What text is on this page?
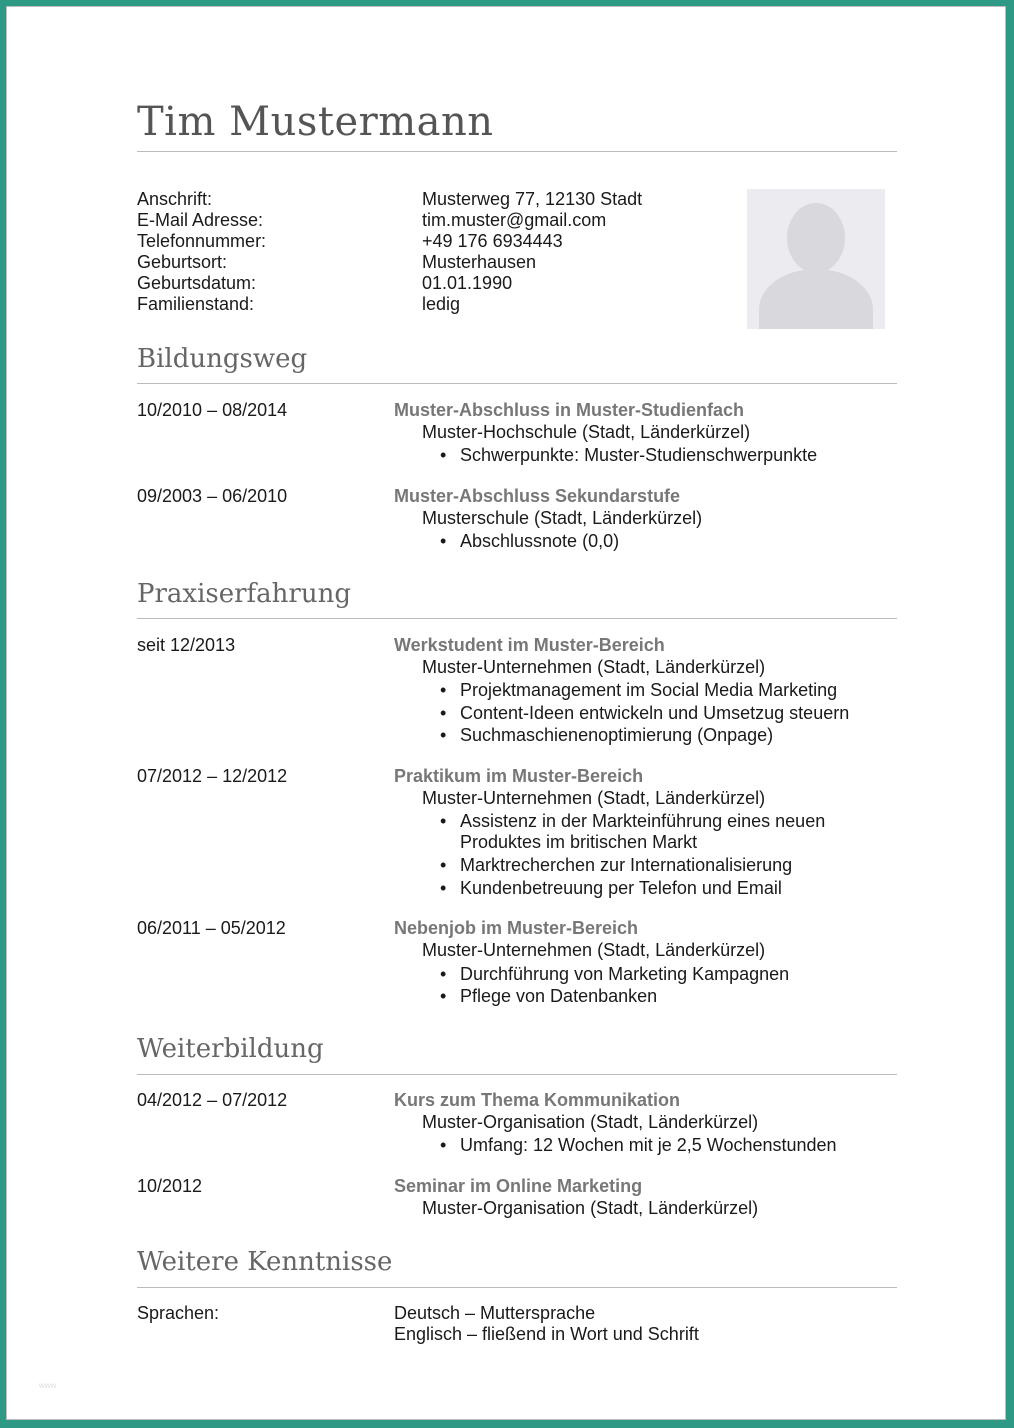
Tim Mustermann
Anschrift:	Musterweg 77, 12130 Stadt
E-Mail Adresse:	tim.muster@gmail.com
Telefonnummer:	+49 176 6934443
Geburtsort:	Musterhausen
Geburtsdatum:	01.01.1990
Familienstand:	ledig
Bildungsweg
10/2010 – 08/2014	Muster-Abschluss in Muster-Studienfach
Muster-Hochschule (Stadt, Länderkürzel)
Schwerpunkte: Muster-Studienschwerpunkte
09/2003 – 06/2010	Muster-Abschluss Sekundarstufe
Musterschule (Stadt, Länderkürzel)
Abschlussnote (0,0)
Praxiserfahrung
seit 12/2013	Werkstudent im Muster-Bereich
Muster-Unternehmen (Stadt, Länderkürzel)
Projektmanagement im Social Media Marketing
Content-Ideen entwickeln und Umsetzug steuern
Suchmaschienenoptimierung (Onpage)
07/2012 – 12/2012	Praktikum im Muster-Bereich
Muster-Unternehmen (Stadt, Länderkürzel)
Assistenz in der Markteinführung eines neuen
Produktes im britischen Markt
Marktrecherchen zur Internationalisierung
Kundenbetreuung per Telefon und Email
06/2011 – 05/2012	Nebenjob im Muster-Bereich
Muster-Unternehmen (Stadt, Länderkürzel)
Durchführung von Marketing Kampagnen
Pflege von Datenbanken
Weiterbildung
04/2012 – 07/2012	Kurs zum Thema Kommunikation
Muster-Organisation (Stadt, Länderkürzel)
Umfang: 12 Wochen mit je 2,5 Wochenstunden
10/2012	Seminar im Online Marketing
Muster-Organisation (Stadt, Länderkürzel)
Weitere Kenntnisse
Sprachen:	Deutsch – Muttersprache
Englisch – fließend in Wort und Schrift
www
